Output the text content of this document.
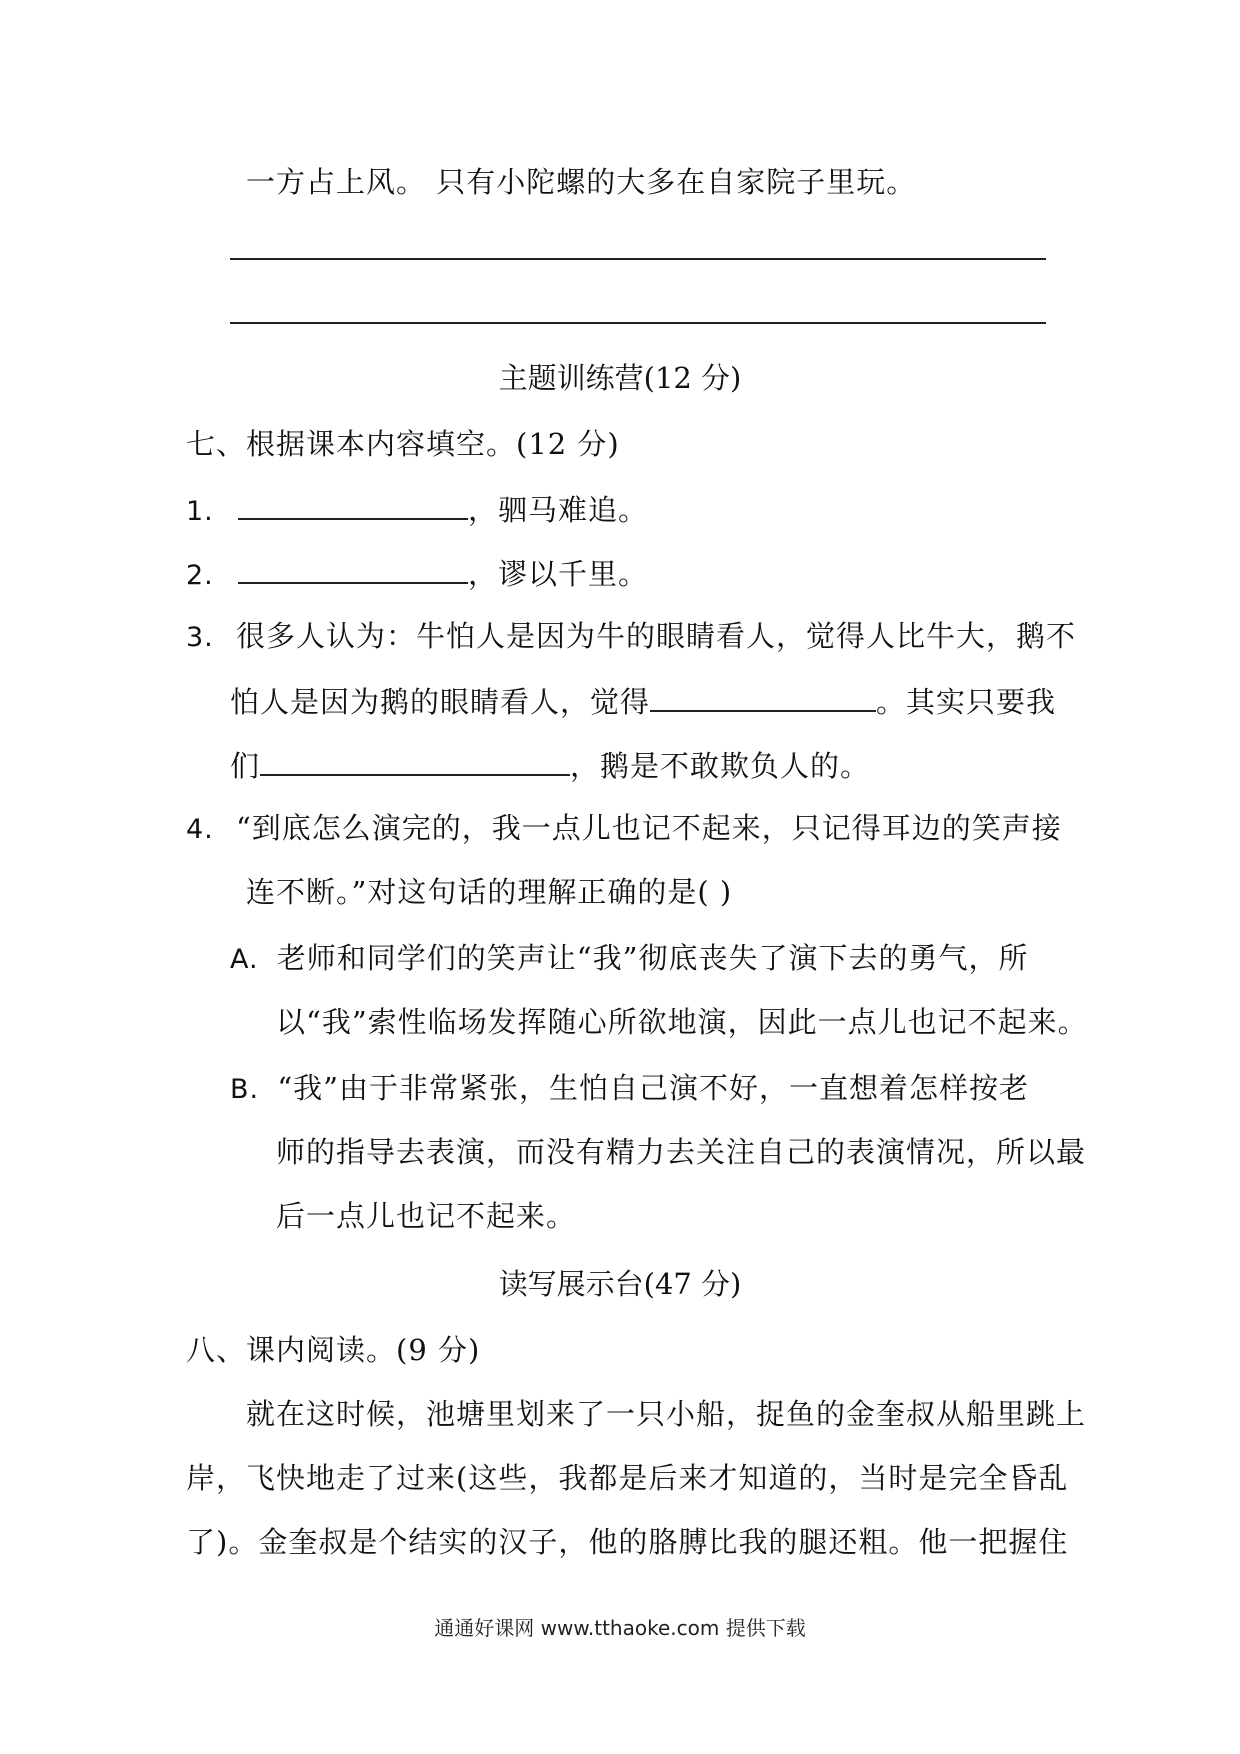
一方占上风。 只有小陀螺的大多在自家院子里玩。
主题训练营(12 分)
七、根据课本内容填空。(12 分)
1.	，驷马难追。
2.	，谬以千里。
3. 很多人认为：牛怕人是因为牛的眼睛看人，觉得人比牛大，鹅不
怕人是因为鹅的眼睛看人，觉得	。其实只要我
们	，鹅是不敢欺负人的。
4. “到底怎么演完的，我一点儿也记不起来，只记得耳边的笑声接
连不断。”对这句话的理解正确的是( )
A. 老师和同学们的笑声让“我”彻底丧失了演下去的勇气，所
以“我”索性临场发挥随心所欲地演，因此一点儿也记不起来。
B. “我”由于非常紧张，生怕自己演不好，一直想着怎样按老
师的指导去表演，而没有精力去关注自己的表演情况，所以最
后一点儿也记不起来。
读写展示台(47 分)
八、课内阅读。(9 分)
就在这时候，池塘里划来了一只小船，捉鱼的金奎叔从船里跳上
岸，飞快地走了过来(这些，我都是后来才知道的，当时是完全昏乱
了)。金奎叔是个结实的汉子，他的胳膊比我的腿还粗。他一把握住
通通好课网 www.tthaoke.com 提供下载
